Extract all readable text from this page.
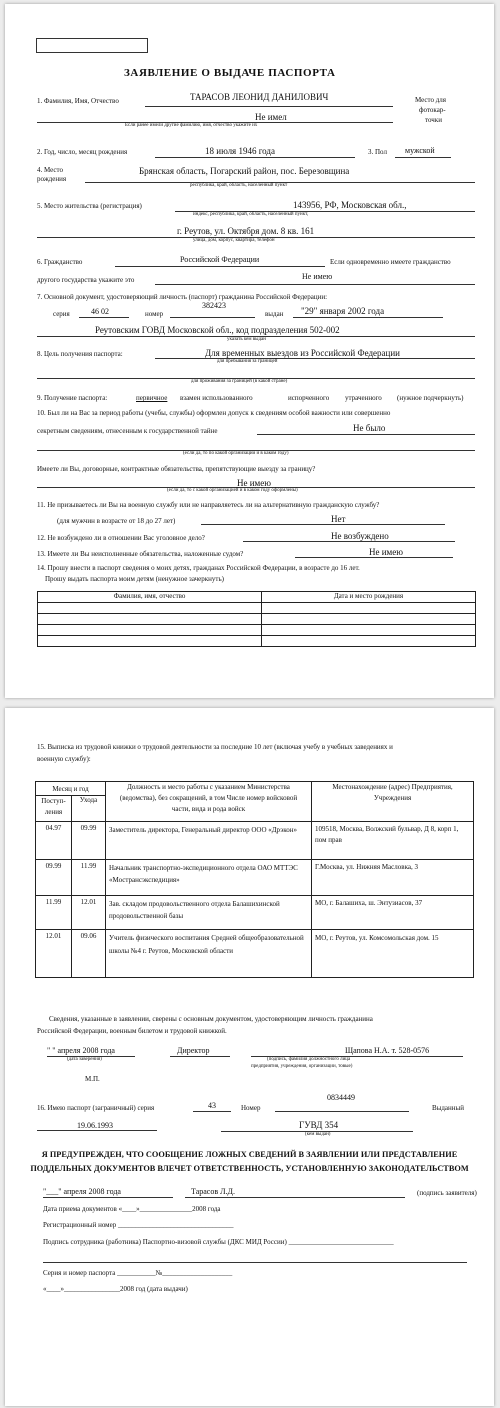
ЗАЯВЛЕНИЕ О ВЫДАЧЕ ПАСПОРТА
1. Фамилия, Имя, Отчество	ТАРАСОВ ЛЕОНИД ДАНИЛОВИЧ
Не имел
Если ранее имели другие фамилию, имя, отчество укажите их
Место для
фотокар-
точки
2. Год, число, месяц рождения	18 июля 1946 года	3. Пол мужской
4. Место
рождения
Брянская область, Погарский район, пос. Березовщина
республика, край, область, населенный пункт
5. Место жительства (регистрация)	143956, РФ, Московская обл.,
индекс, республика, край, область, населенный пункт,
г. Реутов, ул. Октября дом. 8 кв. 161
улица, дом, корпус, квартира, телефон
6. Гражданство	Российской Федерации	Если одновременно имеете гражданство
другого государства укажите это	Не имею
7. Основной документ, удостоверяющий личность (паспорт) гражданина Российской Федерации:
серия	46 02	номер
382423
выдан "29" января 2002 года
Реутовским ГОВД Московской обл., код подразделения 502-002
указать кем выдан
8. Цель получения паспорта:	Для временных выездов из Российской Федерации
для пребывания за границей
для проживания за границей (в какой стране)
9. Получение паспорта:	первичное взамен использованного	испорченного утраченного (нужное подчеркнуть)
10. Был ли на Вас за период работы (учебы, службы) оформлен допуск к сведениям особой важности или совершенно
секретным сведениям, отнесенным к государственной тайне	Не было
(если да, то по какой организации и в каком году)
Имеете ли Вы, договорные, контрактные обязательства, препятствующие выезду за границу?
Не имею
(если да, то с какой организацией и в каком году оформлены)
11. Не призываетесь ли Вы на военную службу или не направляетесь ли на альтернативную гражданскую службу?
(для мужчин в возрасте от 18 до 27 лет)	Нет
12. Не возбуждено ли в отношении Вас уголовное дело?	Не возбуждено
13. Имеете ли Вы неисполненные обязательства, наложенные судом?	Не имею
14. Прошу внести в паспорт сведения о моих детях, гражданах Российской Федерации, в возрасте до 16 лет.
Прошу выдать паспорта моим детям (ненужное зачеркнуть)
Фамилия, имя, отчество	Дата и место рождения

15. Выписка из трудовой книжки о трудовой деятельности за последние 10 лет (включая учебу в учебных заведениях и
военную службу):
Месяц и год		Должность и место работы с указанием Министерства (ведомства), без сокращений, в том Числе номер войсковой части, вида и рода войск	Местонахождение (адрес) Предприятия, Учреждения
Поступ-ления	Ухода		
04.97	09.99	Заместитель директора, Генеральный директор ООО «Дрэкон»	109518, Москва, Волжский бульвар, Д 8, корп 1, пом прав
09.99	11.99	Начальник транспортно-экспедиционного отдела ОАО МТТЭС «Мострансэкспедиция»	Г.Москва, ул. Нижняя Масловка, 3
11.99	12.01	Зав. складом продовольственного отдела Балашихинской продовольственной базы	МО, г. Балашиха, ш. Энтузиасов, 37
12.01	09.06	Учитель физического воспитания Средней общеобразовательной школы №4 г. Реутов, Московской области	МО, г. Реутов, ул. Комсомольская дом. 15
Сведения, указанные в заявлении, сверены с основным документом, удостоверяющим личность гражданина
Российской Федерации, военным билетом и трудовой книжкой.
" " апреля 2008 года
(дата заверения)
Директор	Щапова Н.А. т. 528-0576
(подпись, фамилия должностного лица
предприятия, учреждения, организации, товые)
М.П.
16. Имею паспорт (заграничный) серия	43	Номер
0834449
Выданный
19.06.1993	ГУВД 354
(кем выдан)
Я ПРЕДУПРЕЖДЕН, ЧТО СООБЩЕНИЕ ЛОЖНЫХ СВЕДЕНИЙ В ЗАЯВЛЕНИИ ИЛИ ПРЕДСТАВЛЕНИЕ
ПОДДЕЛЬНЫХ ДОКУМЕНТОВ ВЛЕЧЕТ ОТВЕТСТВЕННОСТЬ, УСТАНОВЛЕННУЮ ЗАКОНОДАТЕЛЬСТВОМ
"___" апреля 2008 года	Тарасов Л.Д.	(подпись заявителя)
Дата приема документов «____»_______________2008 года
Регистрационный номер _________________________________
Подпись сотрудника (работника) Паспортно-визовой службы (ДКС МИД России) ______________________________
Серия и номер паспорта ___________№____________________
«____»________________2008 год (дата выдачи)
